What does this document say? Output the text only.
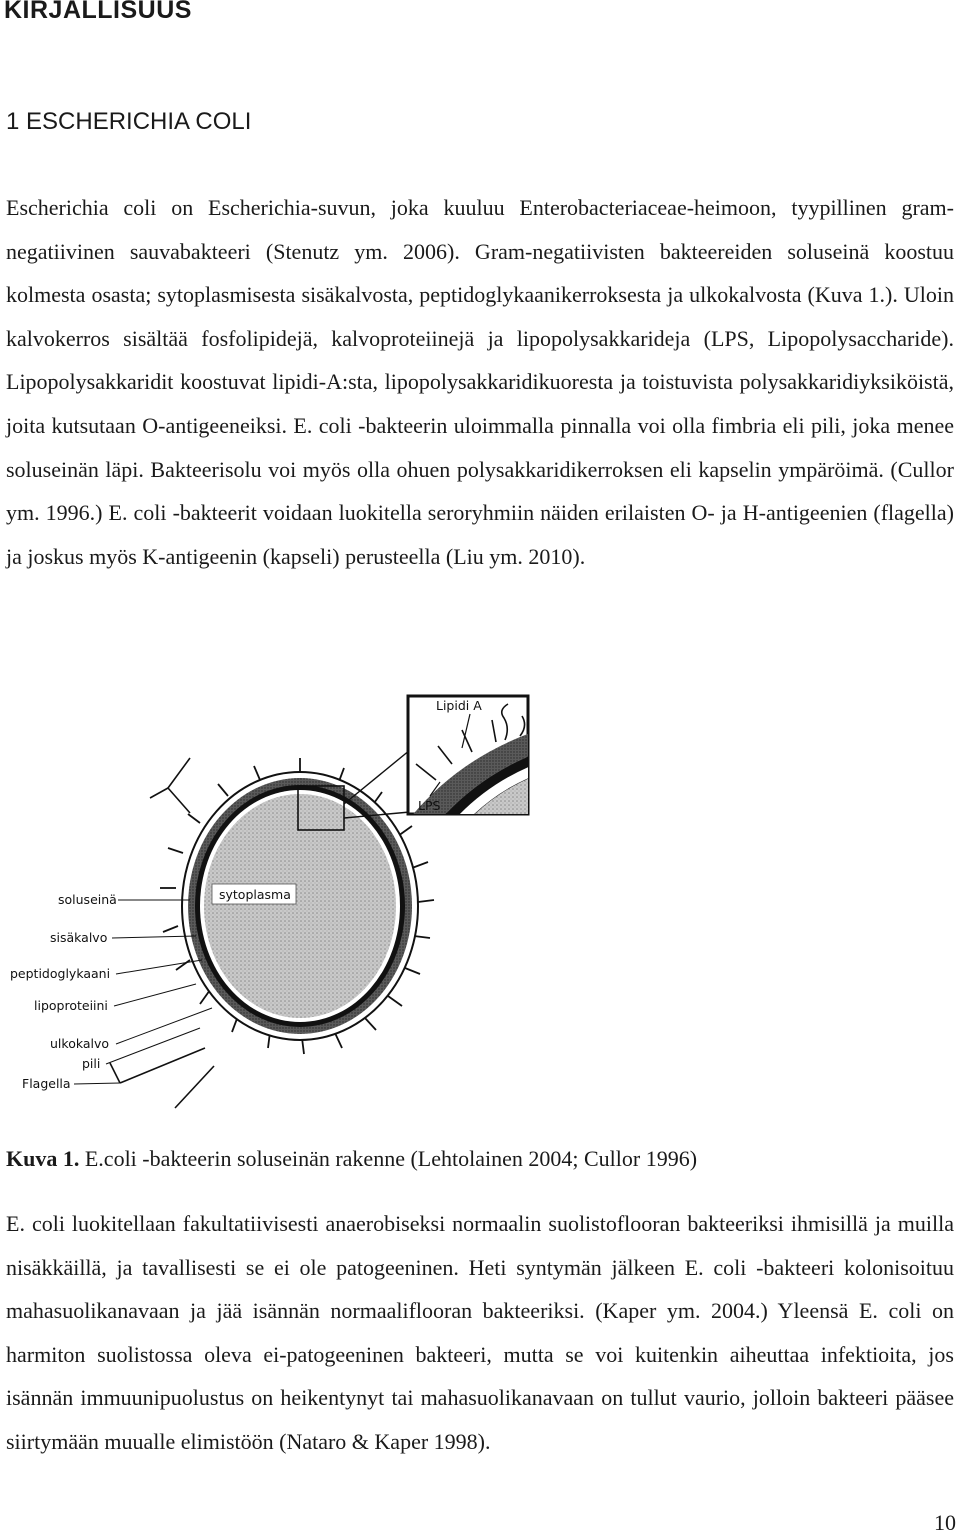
KIRJALLISUUS
1 ESCHERICHIA COLI

Escherichia coli on Escherichia-suvun, joka kuuluu Enterobacteriaceae-heimoon, tyypillinen gram-negatiivinen sauvabakteeri (Stenutz ym. 2006). Gram-negatiivisten bakteereiden soluseinä koostuu kolmesta osasta; sytoplasmisesta sisäkalvosta, peptidoglykaanikerroksesta ja ulkokalvosta (Kuva 1.). Uloin kalvokerros sisältää fosfolipidejä, kalvoproteiinejä ja lipopolysakkarideja (LPS, Lipopolysaccharide). Lipopolysakkaridit koostuvat lipidi-A:sta, lipopolysakkaridikuoresta ja toistuvista polysakkaridiyksiköistä, joita kutsutaan O-antigeeneiksi. E. coli -bakteerin uloimmalla pinnalla voi olla fimbria eli pili, joka menee soluseinän läpi. Bakteerisolu voi myös olla ohuen polysakkaridikerroksen eli kapselin ympäröimä. (Cullor ym. 1996.) E. coli -bakteerit voidaan luokitella seroryhmiin näiden erilaisten O- ja H-antigeenien (flagella) ja joskus myös K-antigeenin (kapseli) perusteella (Liu ym. 2010).

sytoplasma
Lipidi A
LPS
soluseinä
sisäkalvo
peptidoglykaani
lipoproteiini
ulkokalvo
pili
Flagella

Kuva 1. E.coli -bakteerin soluseinän rakenne (Lehtolainen 2004; Cullor 1996)

E. coli luokitellaan fakultatiivisesti anaerobiseksi normaalin suolistoflooran bakteeriksi ihmisillä ja muilla nisäkkäillä, ja tavallisesti se ei ole patogeeninen. Heti syntymän jälkeen E. coli -bakteeri kolonisoituu mahasuolikanavaan ja jää isännän normaaliflooran bakteeriksi. (Kaper ym. 2004.) Yleensä E. coli on harmiton suolistossa oleva ei-patogeeninen bakteeri, mutta se voi kuitenkin aiheuttaa infektioita, jos isännän immuunipuolustus on heikentynyt tai mahasuolikanavaan on tullut vaurio, jolloin bakteeri pääsee siirtymään muualle elimistöön (Nataro & Kaper 1998).

10
